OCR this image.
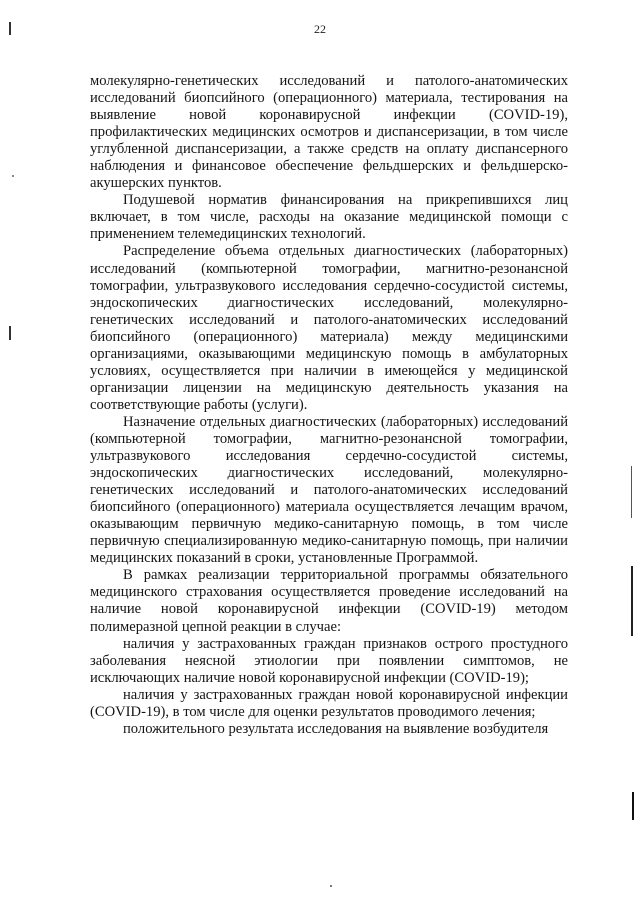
22

молекулярно-генетических исследований и патолого-анатомических исследований биопсийного (операционного) материала, тестирования на выявление новой коронавирусной инфекции (COVID-19), профилактических медицинских осмотров и диспансеризации, в том числе углубленной диспансеризации, а также средств на оплату диспансерного наблюдения и финансовое обеспечение фельдшерских и фельдшерско-акушерских пунктов.

Подушевой норматив финансирования на прикрепившихся лиц включает, в том числе, расходы на оказание медицинской помощи с применением телемедицинских технологий.

Распределение объема отдельных диагностических (лабораторных) исследований (компьютерной томографии, магнитно-резонансной томографии, ультразвукового исследования сердечно-сосудистой системы, эндоскопических диагностических исследований, молекулярно-генетических исследований и патолого-анатомических исследований биопсийного (операционного) материала) между медицинскими организациями, оказывающими медицинскую помощь в амбулаторных условиях, осуществляется при наличии в имеющейся у медицинской организации лицензии на медицинскую деятельность указания на соответствующие работы (услуги).

Назначение отдельных диагностических (лабораторных) исследований (компьютерной томографии, магнитно-резонансной томографии, ультразвукового исследования сердечно-сосудистой системы, эндоскопических диагностических исследований, молекулярно-генетических исследований и патолого-анатомических исследований биопсийного (операционного) материала осуществляется лечащим врачом, оказывающим первичную медико-санитарную помощь, в том числе первичную специализированную медико-санитарную помощь, при наличии медицинских показаний в сроки, установленные Программой.

В рамках реализации территориальной программы обязательного медицинского страхования осуществляется проведение исследований на наличие новой коронавирусной инфекции (COVID-19) методом полимеразной цепной реакции в случае:

наличия у застрахованных граждан признаков острого простудного заболевания неясной этиологии при появлении симптомов, не исключающих наличие новой коронавирусной инфекции (COVID-19);

наличия у застрахованных граждан новой коронавирусной инфекции (COVID-19), в том числе для оценки результатов проводимого лечения;

положительного результата исследования на выявление возбудителя
